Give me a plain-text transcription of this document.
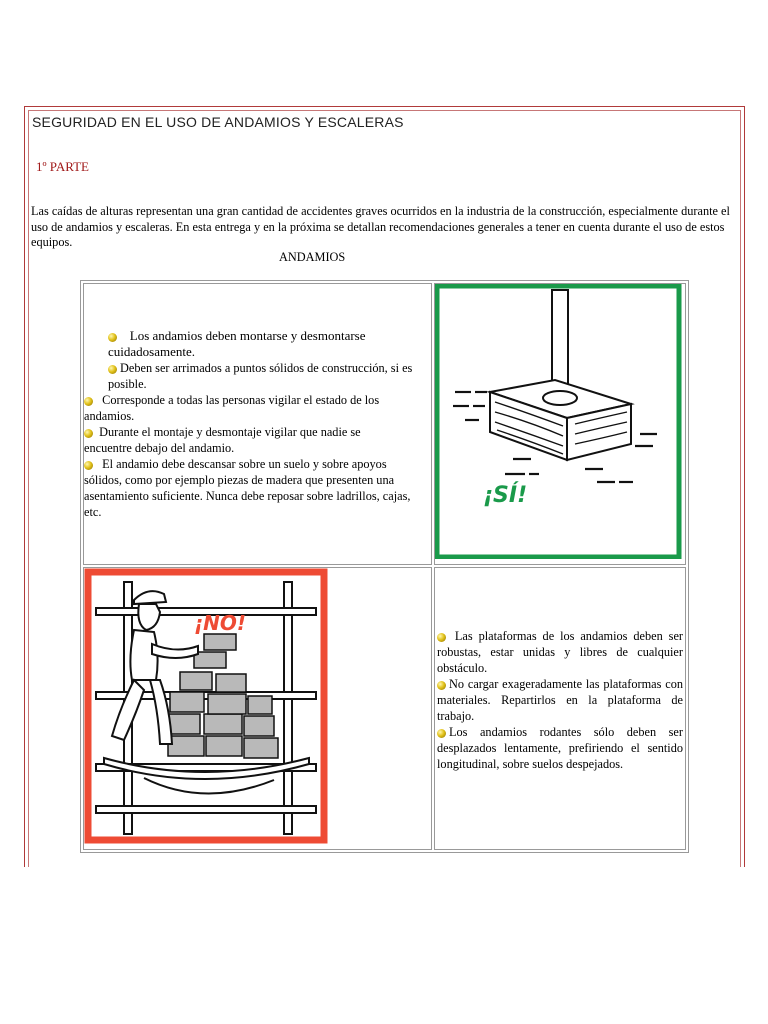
SEGURIDAD EN EL USO DE ANDAMIOS Y ESCALERAS
1º PARTE
Las caídas de alturas representan una gran cantidad de accidentes graves ocurridos en la industria de la construcción, especialmente durante el uso de andamios y escaleras. En esta entrega y en la próxima se detallan recomendaciones generales a tener en cuenta durante el uso de estos equipos.
ANDAMIOS
Los andamios deben montarse y desmontarse cuidadosamente.
Deben ser arrimados a puntos sólidos de construcción, si es posible.
Corresponde a todas las personas vigilar el estado de los andamios.
Durante el montaje y desmontaje vigilar que nadie se encuentre debajo del andamio.
El andamio debe descansar sobre un suelo y sobre apoyos sólidos, como por ejemplo piezas de madera que presenten una asentamiento suficiente. Nunca debe reposar sobre ladrillos, cajas, etc.	¡SÍ!

¡NO!	Las plataformas de los andamios deben ser robustas, estar unidas y libres de cualquier obstáculo.
No cargar exageradamente las plataformas con materiales. Repartirlos en la plataforma de trabajo.
Los andamios rodantes sólo deben ser desplazados lentamente, prefiriendo el sentido longitudinal, sobre suelos despejados.
